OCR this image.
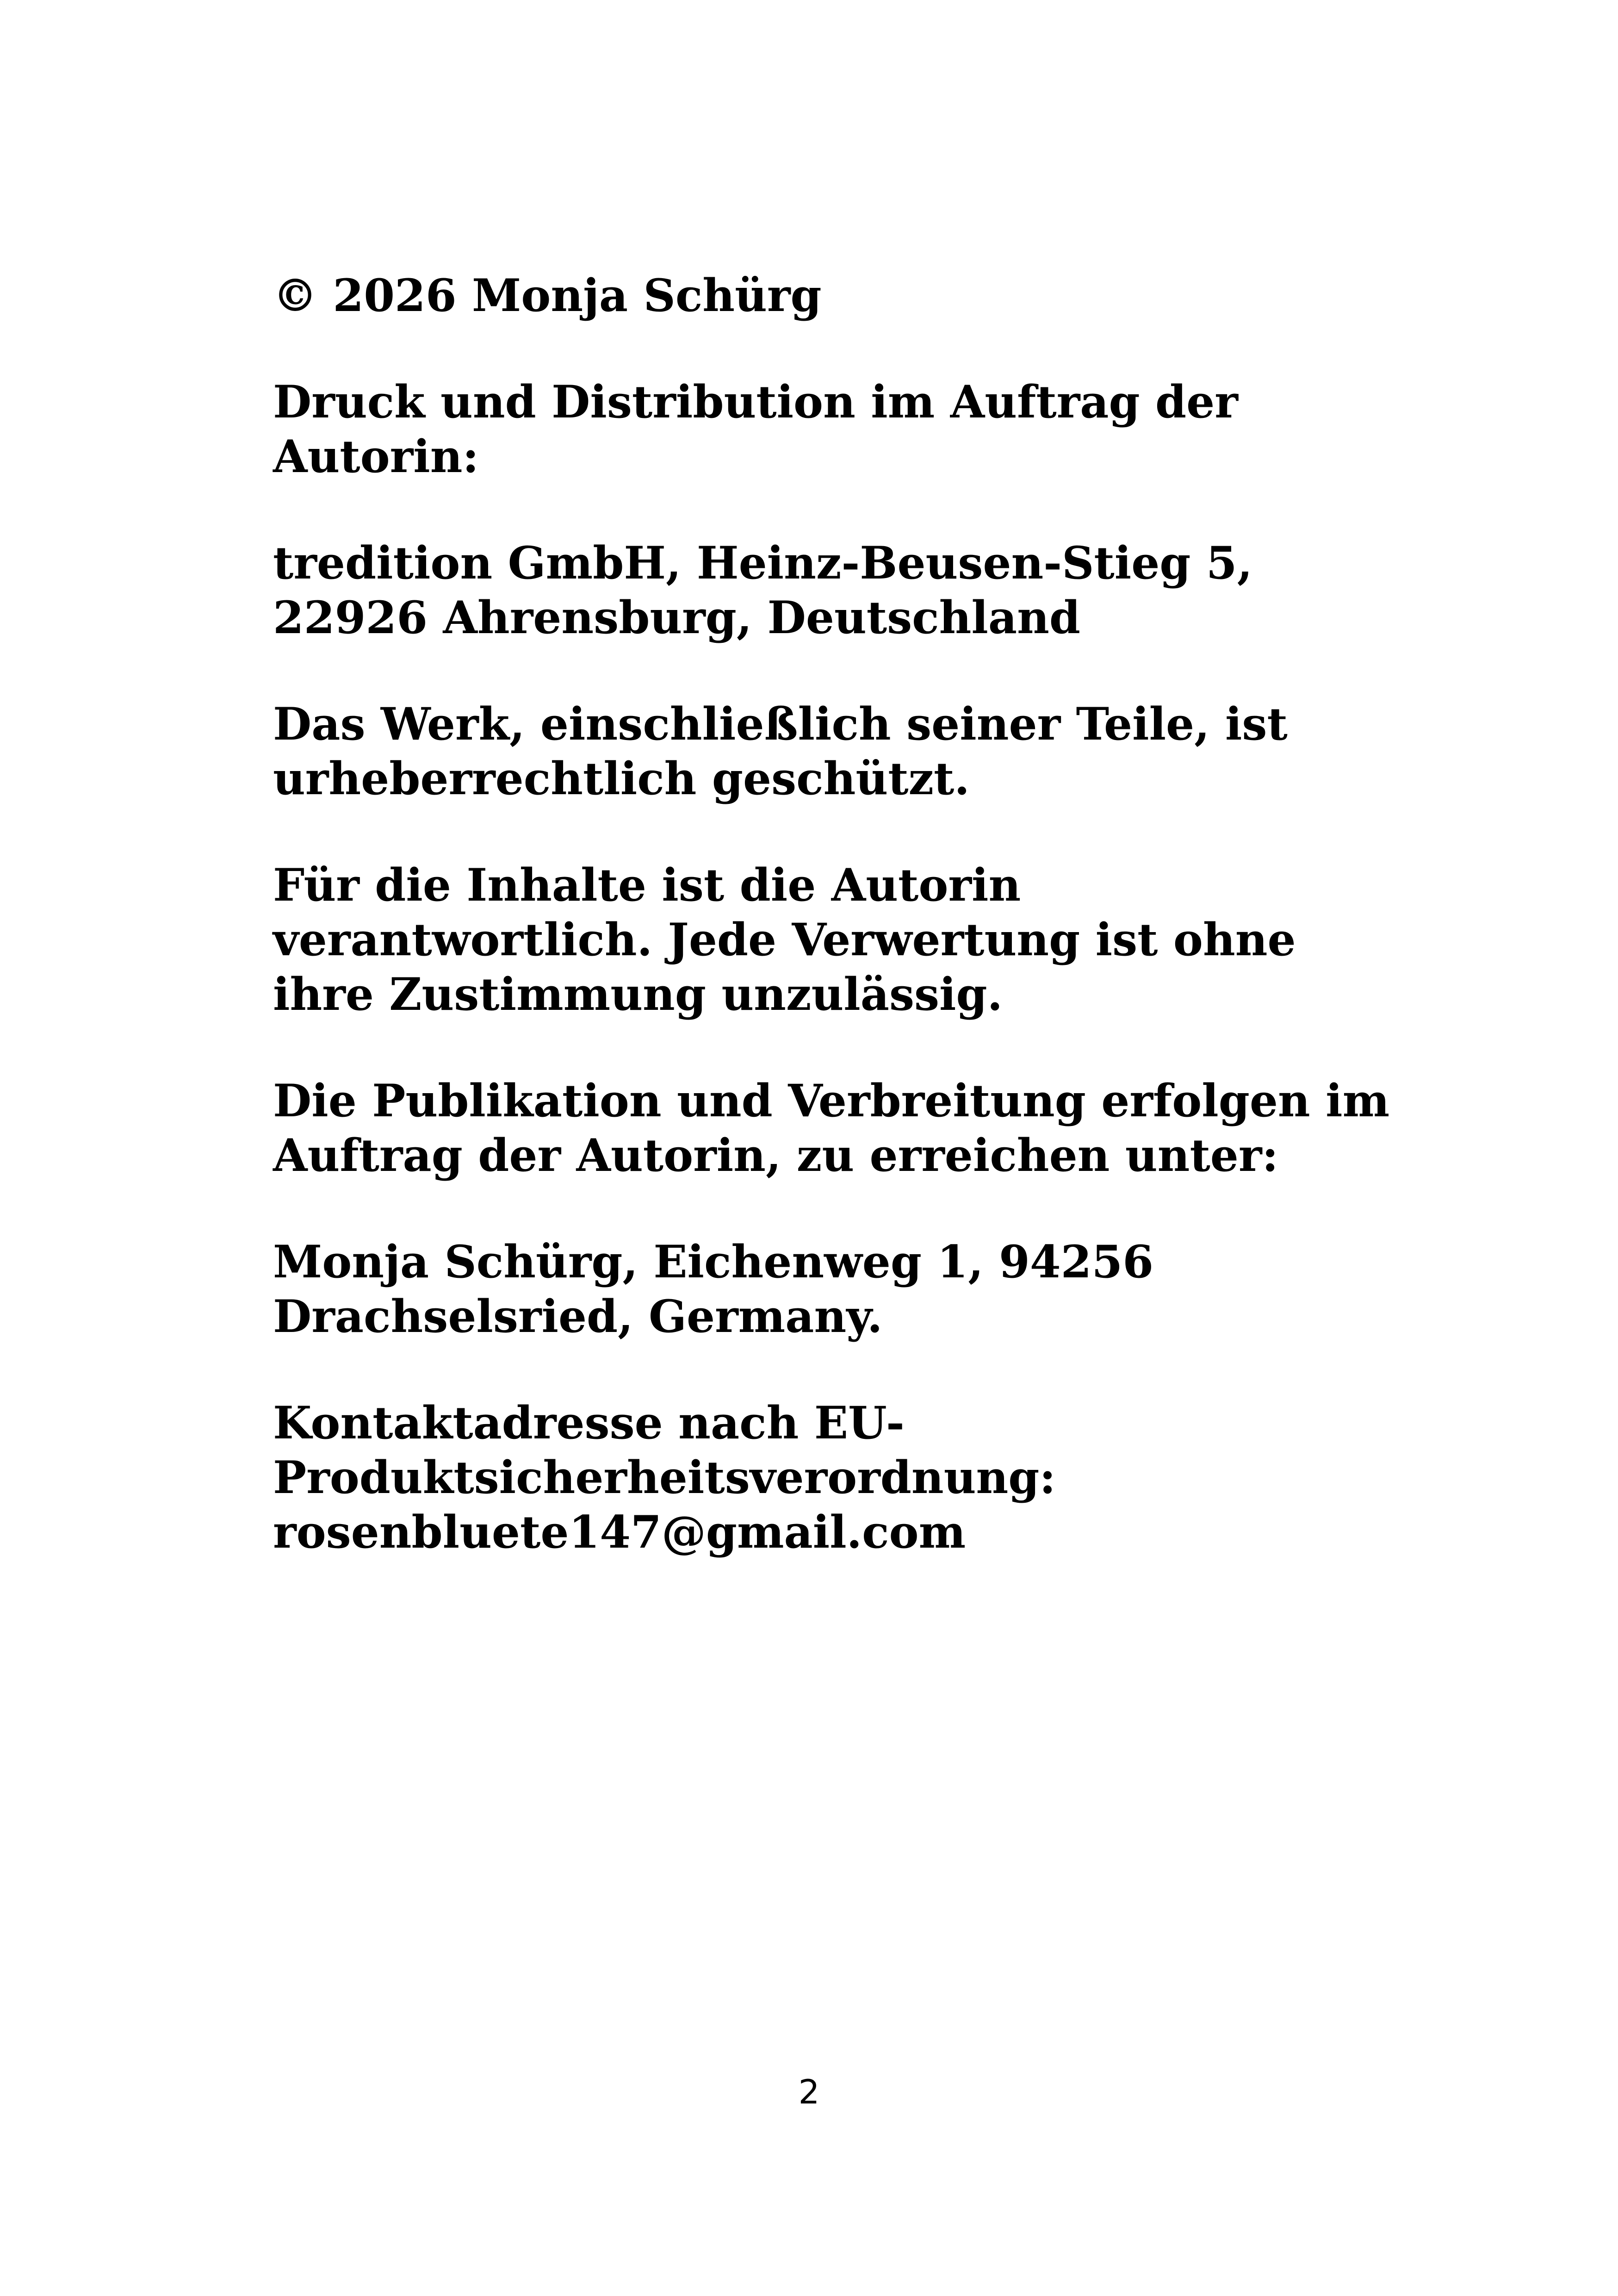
© 2026 Monja Schürg

Druck und Distribution im Auftrag der
Autorin:

tredition GmbH, Heinz-Beusen-Stieg 5,
22926 Ahrensburg, Deutschland

Das Werk, einschließlich seiner Teile, ist
urheberrechtlich geschützt.

Für die Inhalte ist die Autorin
verantwortlich. Jede Verwertung ist ohne
ihre Zustimmung unzulässig.

Die Publikation und Verbreitung erfolgen im
Auftrag der Autorin, zu erreichen unter:

Monja Schürg, Eichenweg 1, 94256
Drachselsried, Germany.

Kontaktadresse nach EU-
Produktsicherheitsverordnung:
rosenbluete147@gmail.com

2
